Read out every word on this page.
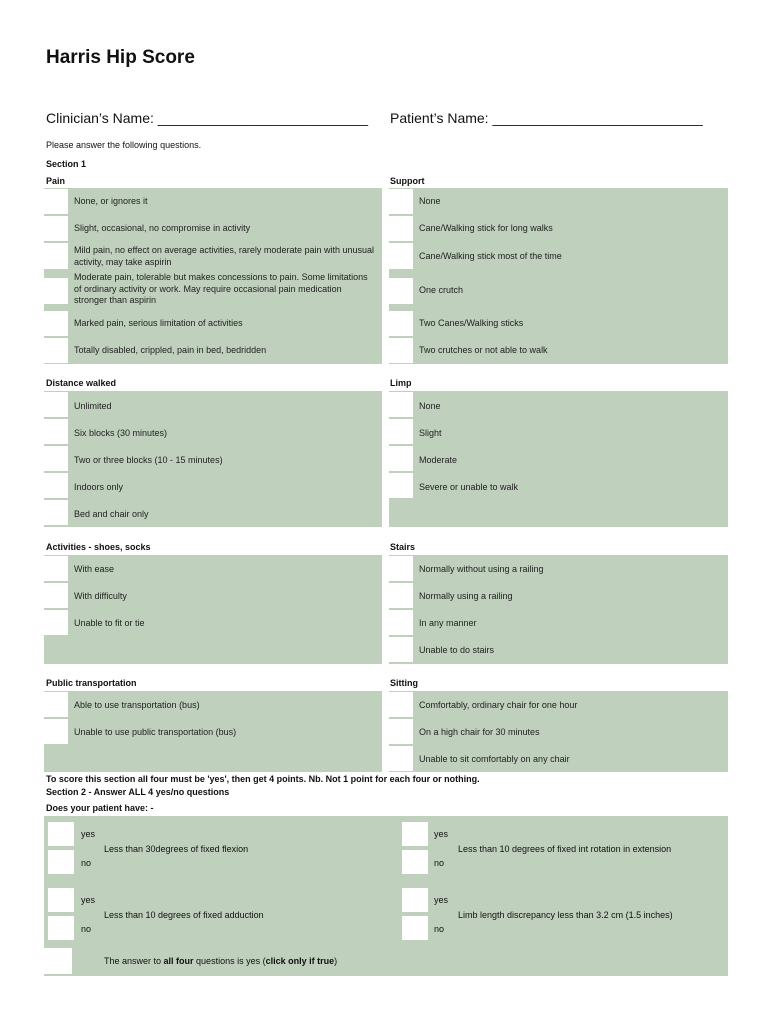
Harris Hip Score
Clinician’s Name: ___________________________ Patient’s Name: ___________________________
Please answer the following questions.
Section 1
Pain
None, or ignores it
Slight, occasional, no compromise in activity
Mild pain, no effect on average activities, rarely moderate pain with unusual activity, may take aspirin
Moderate pain, tolerable but makes concessions to pain. Some limitations of ordinary activity or work. May require occasional pain medication stronger than aspirin
Marked pain, serious limitation of activities
Totally disabled, crippled, pain in bed, bedridden
Support
None
Cane/Walking stick for long walks
Cane/Walking stick most of the time
One crutch
Two Canes/Walking sticks
Two crutches or not able to walk
Distance walked
Unlimited
Six blocks (30 minutes)
Two or three blocks (10 - 15 minutes)
Indoors only
Bed and chair only
Limp
None
Slight
Moderate
Severe or unable to walk
Activities - shoes, socks
With ease
With difficulty
Unable to fit or tie
Stairs
Normally without using a railing
Normally using a railing
In any manner
Unable to do stairs
Public transportation
Able to use transportation (bus)
Unable to use public transportation (bus)
Sitting
Comfortably, ordinary chair for one hour
On a high chair for 30 minutes
Unable to sit comfortably on any chair
To score this section all four must be 'yes', then get 4 points. Nb. Not 1 point for each four or nothing.
Section 2 - Answer ALL 4 yes/no questions
Does your patient have: -
yes
no
Less than 30degrees of fixed flexion
yes
no
Less than 10 degrees of fixed int rotation in extension
yes
no
Less than 10 degrees of fixed adduction
yes
no
Limb length discrepancy less than 3.2 cm (1.5 inches)
The answer to all four questions is yes (click only if true)
